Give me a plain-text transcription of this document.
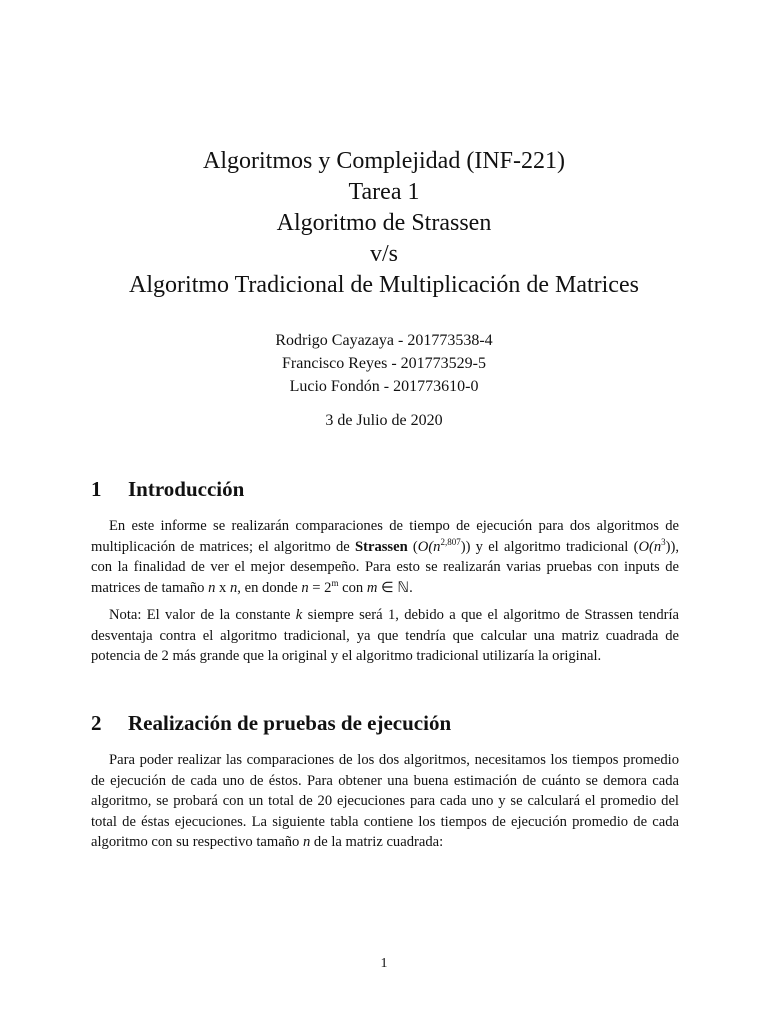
Algoritmos y Complejidad (INF-221)
Tarea 1
Algoritmo de Strassen
v/s
Algoritmo Tradicional de Multiplicación de Matrices
Rodrigo Cayazaya - 201773538-4
Francisco Reyes - 201773529-5
Lucio Fondón - 201773610-0
3 de Julio de 2020
1 Introducción
En este informe se realizarán comparaciones de tiempo de ejecución para dos algoritmos de multiplicación de matrices; el algoritmo de Strassen $(O(n^{2,807}))$ y el algoritmo tradicional $(O(n^3))$, con la finalidad de ver el mejor desempeño. Para esto se realizarán varias pruebas con inputs de matrices de tamaño n x n, en donde $n = 2^m$ con m ∈ ℕ.
Nota: El valor de la constante k siempre será 1, debido a que el algoritmo de Strassen tendría desventaja contra el algoritmo tradicional, ya que tendría que calcular una matriz cuadrada de potencia de 2 más grande que la original y el algoritmo tradicional utilizaría la original.
2 Realización de pruebas de ejecución
Para poder realizar las comparaciones de los dos algoritmos, necesitamos los tiempos promedio de ejecución de cada uno de éstos. Para obtener una buena estimación de cuánto se demora cada algoritmo, se probará con un total de 20 ejecuciones para cada uno y se calculará el promedio del total de éstas ejecuciones. La siguiente tabla contiene los tiempos de ejecución promedio de cada algoritmo con su respectivo tamaño n de la matriz cuadrada:
1
